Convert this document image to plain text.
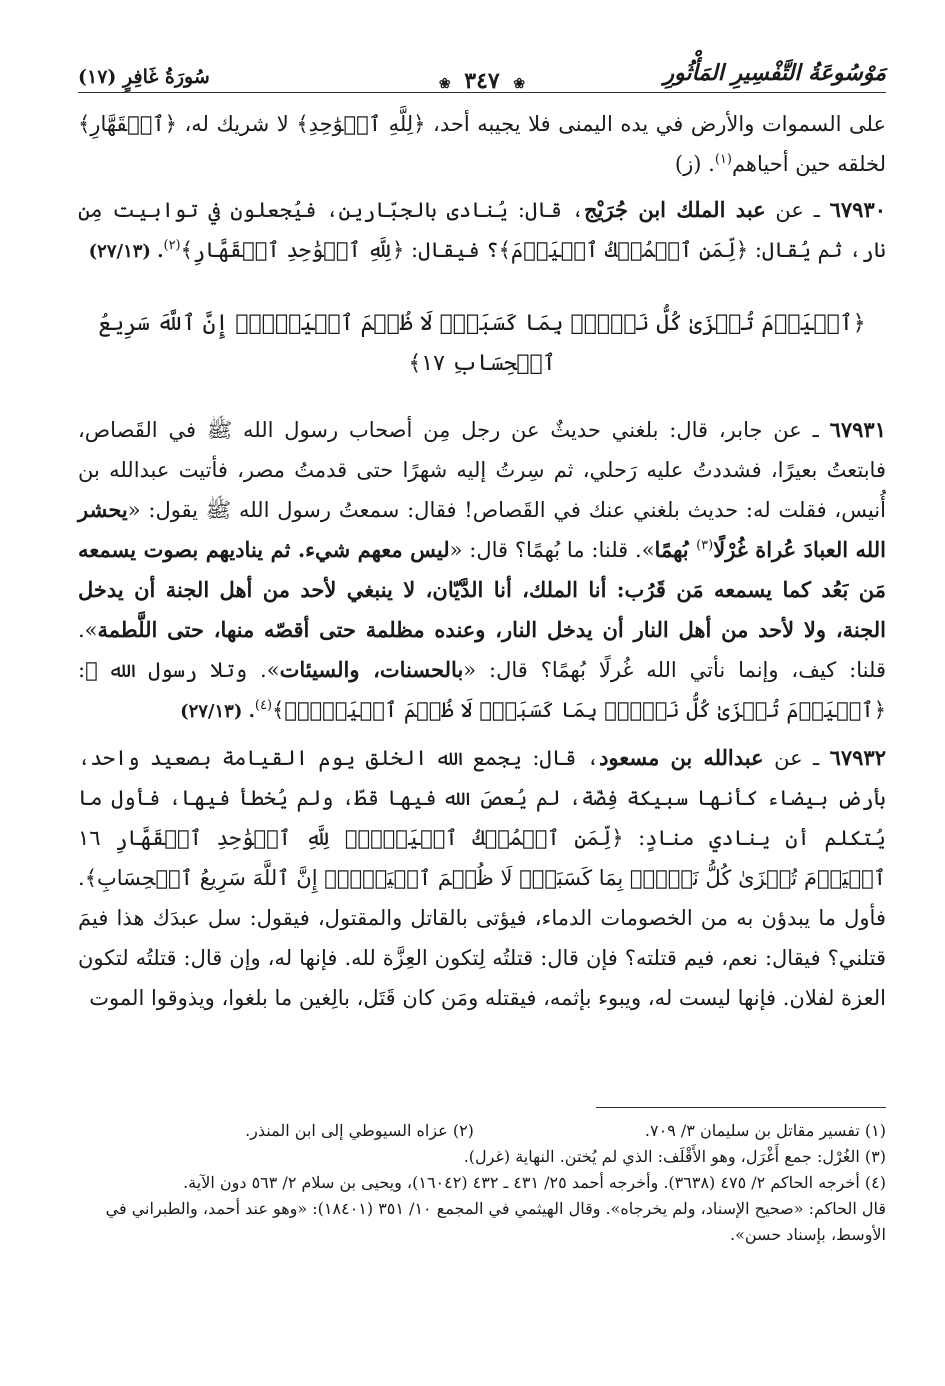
مَوْسُوعَةُ التَّفْسِيرِ المَأْثُورِ
❀ ٣٤٧ ❀
سُورَةُ غَافِرٍ (١٧)

على السموات والأرض في يده اليمنى فلا يجيبه أحد، ﴿لِلَّهِ ٱلۡوَٰحِدِ﴾ لا شريك له، ﴿ٱلۡقَهَّارِ﴾ لخلقه حين أحياهم$^{(١)}$. (ز)

٦٧٩٣٠ ـ عن عبد الملك ابن جُرَيْج، قال: يُنادى بالجبّارين، فيُجعلون في توابيت مِن نار، ثم يُقال: ﴿لِّمَنِ ٱلۡمُلۡكُ ٱلۡيَوۡمَ﴾؟ فيقال: ﴿لِلَّهِ ٱلۡوَٰحِدِ ٱلۡقَهَّارِ﴾$^{(٢)}$. (٢٧/١٣)

﴿ٱلۡيَوۡمَ تُجۡزَىٰ كُلُّ نَفۡسِۭ بِمَا كَسَبَتۡۚ لَا ظُلۡمَ ٱلۡيَوۡمَۚ إِنَّ ٱللَّهَ سَرِيعُ ٱلۡحِسَابِ ١٧﴾

٦٧٩٣١ ـ عن جابر، قال: بلغني حديثٌ عن رجل مِن أصحاب رسول الله ﷺ في القَصاص، فابتعتُ بعيرًا، فشددتُ عليه رَحلي، ثم سِرتُ إليه شهرًا حتى قدمتُ مصر، فأتيت عبدالله بن أُنيس، فقلت له: حديث بلغني عنك في القَصاص! فقال: سمعتُ رسول الله ﷺ يقول: «يحشر الله العبادَ عُراة غُرْلًا$^{(٣)}$ بُهمًا». قلنا: ما بُهمًا؟ قال: «ليس معهم شيء. ثم يناديهم بصوت يسمعه مَن بَعُد كما يسمعه مَن قَرُب: أنا الملك، أنا الدَّيّان، لا ينبغي لأحد من أهل الجنة أن يدخل الجنة، ولا لأحد من أهل النار أن يدخل النار، وعنده مظلمة حتى أقصّه منها، حتى اللَّطمة». قلنا: كيف، وإنما نأتي الله غُرلًا بُهمًا؟ قال: «بالحسنات، والسيئات». وتلا رسول الله ﷺ: ﴿ٱلۡيَوۡمَ تُجۡزَىٰ كُلُّ نَفۡسِۭ بِمَا كَسَبَتۡۚ لَا ظُلۡمَ ٱلۡيَوۡمَۚ﴾$^{(٤)}$. (٢٧/١٣)

٦٧٩٣٢ ـ عن عبدالله بن مسعود، قال: يجمع الله الخلق يوم القيامة بصعيد واحد، بأرض بيضاء كأنها سبيكة فِضّة، لم يُعصَ الله فيها قطّ، ولم يُخطأ فيها، فأول ما يُتكلم أن ينادي منادٍ: ﴿لِّمَنِ ٱلۡمُلۡكُ ٱلۡيَوۡمَۖ لِلَّهِ ٱلۡوَٰحِدِ ٱلۡقَهَّارِ ١٦ ٱلۡيَوۡمَ تُجۡزَىٰ كُلُّ نَفۡسِۭ بِمَا كَسَبَتۡۚ لَا ظُلۡمَ ٱلۡيَوۡمَۚ إِنَّ ٱللَّهَ سَرِيعُ ٱلۡحِسَابِ﴾. فأول ما يبدؤن به من الخصومات الدماء، فيؤتى بالقاتل والمقتول، فيقول: سل عبدَك هذا فيمَ قتلني؟ فيقال: نعم، فيم قتلته؟ فإن قال: قتلتُه لِتكون العِزَّة لله. فإنها له، وإن قال: قتلتُه لتكون العزة لفلان. فإنها ليست له، ويبوء بإثمه، فيقتله ومَن كان قَتَل، بالِغين ما بلغوا، ويذوقوا الموت

(١) تفسير مقاتل بن سليمان ٣/ ٧٠٩.
(٢) عزاه السيوطي إلى ابن المنذر.

(٣) الغُرْل: جمع أَغْرَل، وهو الأَقْلَف: الذي لم يُختن. النهاية (غرل).

(٤) أخرجه الحاكم ٢/ ٤٧٥ (٣٦٣٨). وأخرجه أحمد ٢٥/ ٤٣١ ـ ٤٣٢ (١٦٠٤٢)، ويحيى بن سلام ٢/ ٥٦٣ دون الآية.

قال الحاكم: «صحيح الإسناد، ولم يخرجاه». وقال الهيثمي في المجمع ١٠/ ٣٥١ (١٨٤٠١): «وهو عند أحمد، والطبراني في الأوسط، بإسناد حسن».
